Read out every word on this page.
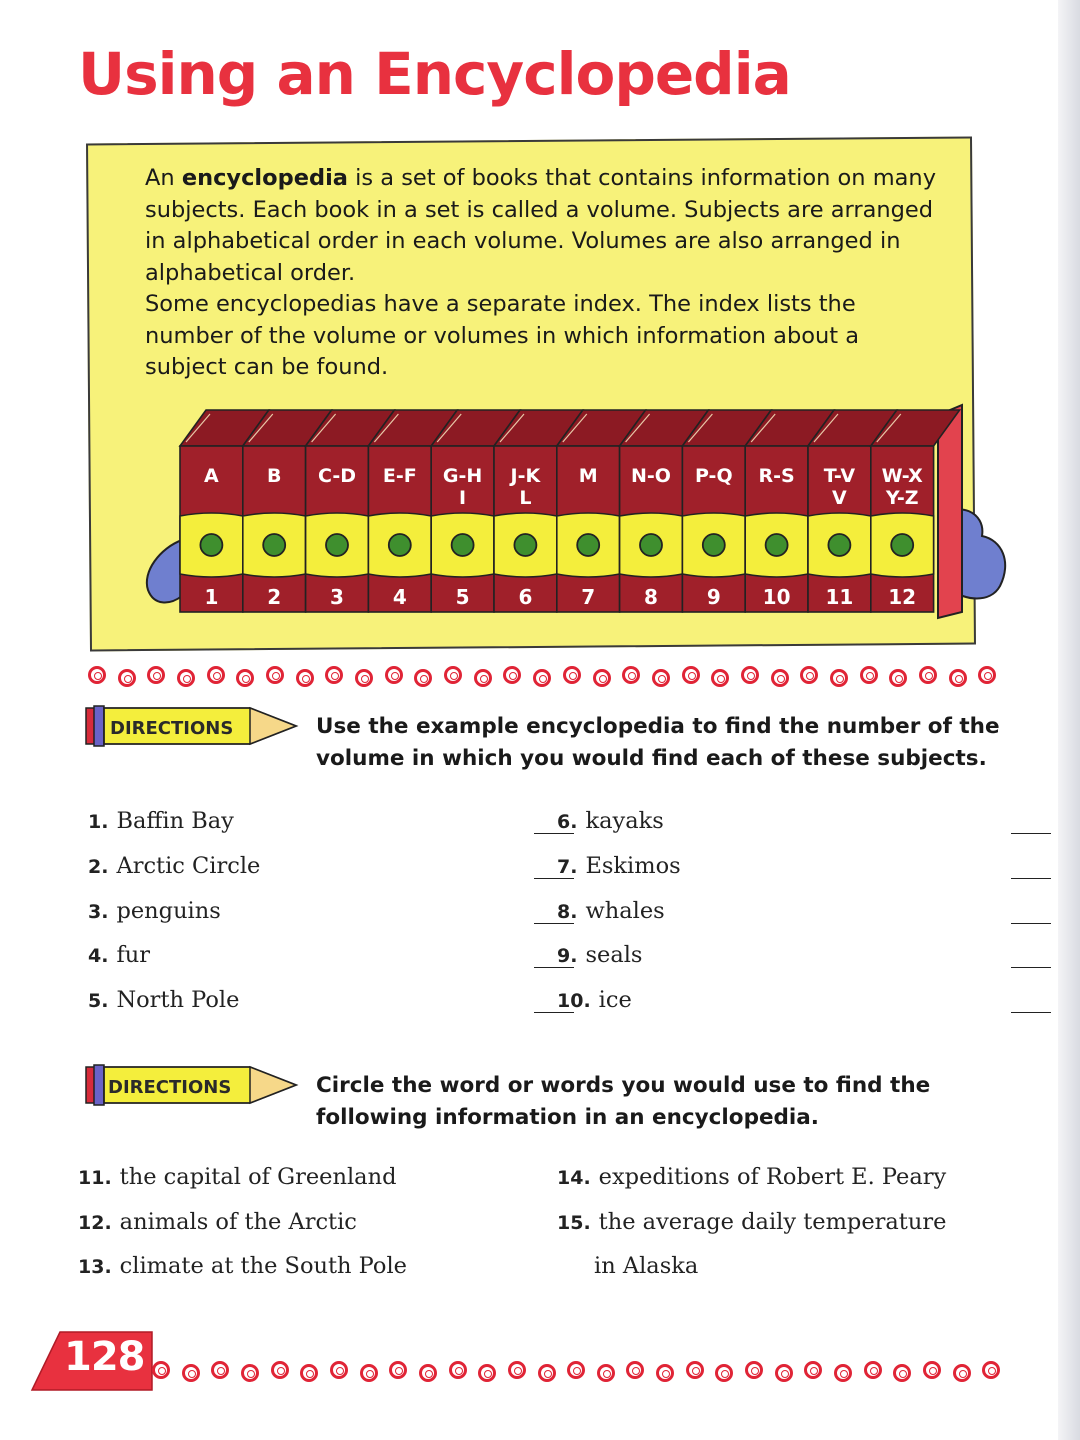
Using an Encyclopedia

An encyclopedia is a set of books that contains information on many subjects. Each book in a set is called a volume. Subjects are arranged in alphabetical order in each volume. Volumes are also arranged in alphabetical order.
Some encyclopedias have a separate index. The index lists the number of the volume or volumes in which information about a subject can be found.

A
1
B
2
C-D
3
E-F
4
G-H
I
5
J-K
L
6
M
7
N-O
8
P-Q
9
R-S
10
T-V
V
11
W-X
Y-Z
12
DIRECTIONS	Use the example encyclopedia to find the number of the volume in which you would find each of these subjects.

1. Baffin Bay
2. Arctic Circle
3. penguins
4. fur
5. North Pole
6. kayaks
7. Eskimos
8. whales
9. seals
10. ice
DIRECTIONS	Circle the word or words you would use to find the following information in an encyclopedia.

11. the capital of Greenland
12. animals of the Arctic
13. climate at the South Pole
14. expeditions of Robert E. Peary
15. the average daily temperature
in Alaska
128
